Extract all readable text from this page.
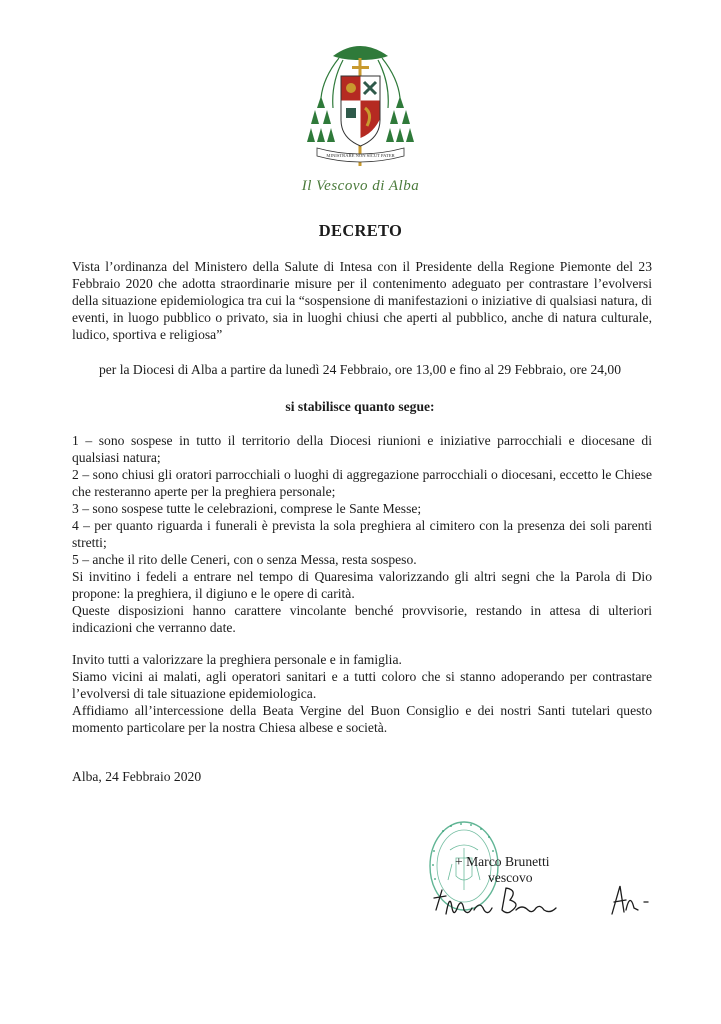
MINISTRARE NON SICUT PATER
Il Vescovo di Alba
DECRETO

Vista l’ordinanza del Ministero della Salute di Intesa con il Presidente della Regione Piemonte del 23 Febbraio 2020 che adotta straordinarie misure per il contenimento adeguato per contrastare l’evolversi della situazione epidemiologica tra cui la “sospensione di manifestazioni o iniziative di qualsiasi natura, di eventi, in luogo pubblico o privato, sia in luoghi chiusi che aperti al pubblico, anche di natura culturale, ludico, sportiva e religiosa”

per la Diocesi di Alba a partire da lunedì 24 Febbraio, ore 13,00 e fino al 29 Febbraio, ore 24,00

si stabilisce quanto segue:

1 – sono sospese in tutto il territorio della Diocesi riunioni e iniziative parrocchiali e diocesane di qualsiasi natura;

2 – sono chiusi gli oratori parrocchiali o luoghi di aggregazione parrocchiali o diocesani, eccetto le Chiese che resteranno aperte per la preghiera personale;

3 – sono sospese tutte le celebrazioni, comprese le Sante Messe;

4 – per quanto riguarda i funerali è prevista la sola preghiera al cimitero con la presenza dei soli parenti stretti;

5 – anche il rito delle Ceneri, con o senza Messa, resta sospeso.

Si invitino i fedeli a entrare nel tempo di Quaresima valorizzando gli altri segni che la Parola di Dio propone: la preghiera, il digiuno e le opere di carità.

Queste disposizioni hanno carattere vincolante benché provvisorie, restando in attesa di ulteriori indicazioni che verranno date.

Invito tutti a valorizzare la preghiera personale e in famiglia.

Siamo vicini ai malati, agli operatori sanitari e a tutti coloro che si stanno adoperando per contrastare l’evolversi di tale situazione epidemiologica.

Affidiamo all’intercessione della Beata Vergine del Buon Consiglio e dei nostri Santi tutelari questo momento particolare per la nostra Chiesa albese e società.

Alba, 24 Febbraio 2020

+ Marco Brunetti
vescovo
